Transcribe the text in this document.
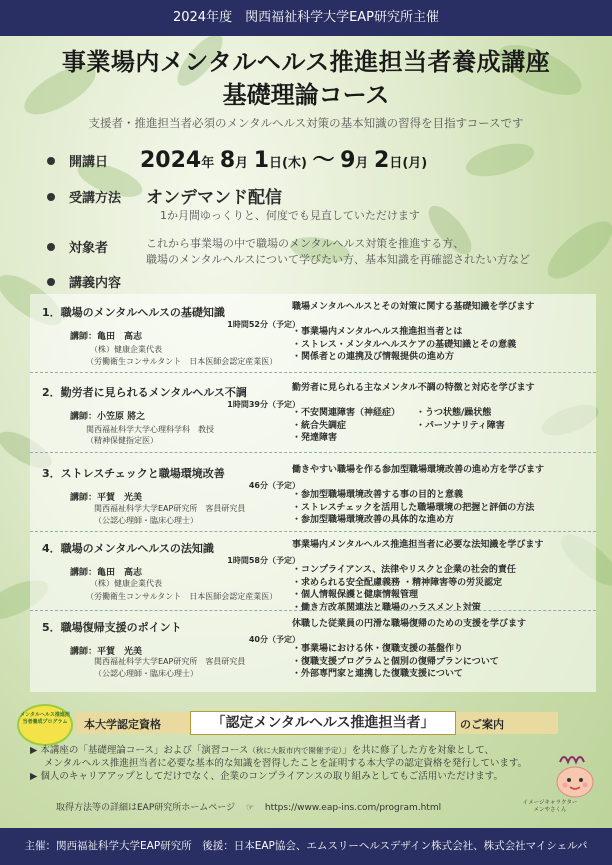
2024年度　関西福祉科学大学EAP研究所主催
事業場内メンタルヘルス推進担当者養成講座
基礎理論コース
支援者・推進担当者必須のメンタルヘルス対策の基本知識の習得を目指すコースです
開講日 2024年 8月 1日(木) ～ 9月 2日(月)
受講方法 オンデマンド配信
1か月間ゆっくりと、何度でも見直していただけます
対象者	これから事業場の中で職場のメンタルヘルス対策を推進する方、
職場のメンタルヘルスについて学びたい方、基本知識を再確認されたい方など
講義内容
1．職場のメンタルヘルスの基礎知識
1時間52分（予定）
講師：亀田　高志
（株）健康企業代表
（労働衛生コンサルタント　日本医師会認定産業医）
職場メンタルヘルスとその対策に関する基礎知識を学びます
・事業場内メンタルヘルス推進担当者とは
・ストレス・メンタルヘルスケアの基礎知識とその意義
・関係者との連携及び情報提供の進め方
2．勤労者に見られるメンタルヘルス不調
1時間39分（予定）
講師：小笠原 將之
関西福祉科学大学心理科学科　教授
（精神保健指定医）
勤労者に見られる主なメンタル不調の特徴と対応を学びます
・不安関連障害（神経症）
・統合失調症
・発達障害
・うつ状態/躁状態
・パーソナリティ障害
3．ストレスチェックと職場環境改善
46分（予定）
講師：平賀　光美
関西福祉科学大学EAP研究所　客員研究員
（公認心理師・臨床心理士）
働きやすい職場を作る参加型職場環境改善の進め方を学びます
・参加型職場環境改善する事の目的と意義
・ストレスチェックを活用した職場環境の把握と評価の方法
・参加型職場環境改善の具体的な進め方
4．職場のメンタルヘルスの法知識
1時間58分（予定）
講師：亀田　高志
（株）健康企業代表
（労働衛生コンサルタント　日本医師会認定産業医）
事業場内メンタルヘルス推進担当者に必要な法知識を学びます
・コンプライアンス、法律やリスクと企業の社会的責任
・求められる安全配慮義務 ・精神障害等の労災認定
・個人情報保護と健康情報管理
・働き方改革関連法と職場のハラスメント対策
5．職場復帰支援のポイント
40分（予定）
講師：平賀　光美
関西福祉科学大学EAP研究所　客員研究員
（公認心理師・臨床心理士）
休職した従業員の円滑な職場復帰のための支援を学びます
・事業場における休・復職支援の基盤作り
・復職支援プログラムと個別の復帰プランについて
・外部専門家と連携した復職支援について
メンタルヘルス推進担当者養成プログラム	本大学認定資格	「認定メンタルヘルス推進担当者」	のご案内

▶ 本講座の「基礎理論コース」および「演習コース（秋に大阪市内で開催予定）」を共に修了した方を対象として、

メンタルヘルス推進担当者に必要な基本的な知識を習得したことを証明する本大学の認定資格を発行しています。

▶ 個人のキャリアアップとしてだけでなく、企業のコンプライアンスの取り組みとしてもご活用いただけます。

取得方法等の詳細はEAP研究所ホームページ ☞ https://www.eap-ins.com/program.html	イメージキャラクター
メンやさくん
主催：関西福祉科学大学EAP研究所　後援：日本EAP協会、エムスリーヘルスデザイン株式会社、株式会社マイシェルパ
